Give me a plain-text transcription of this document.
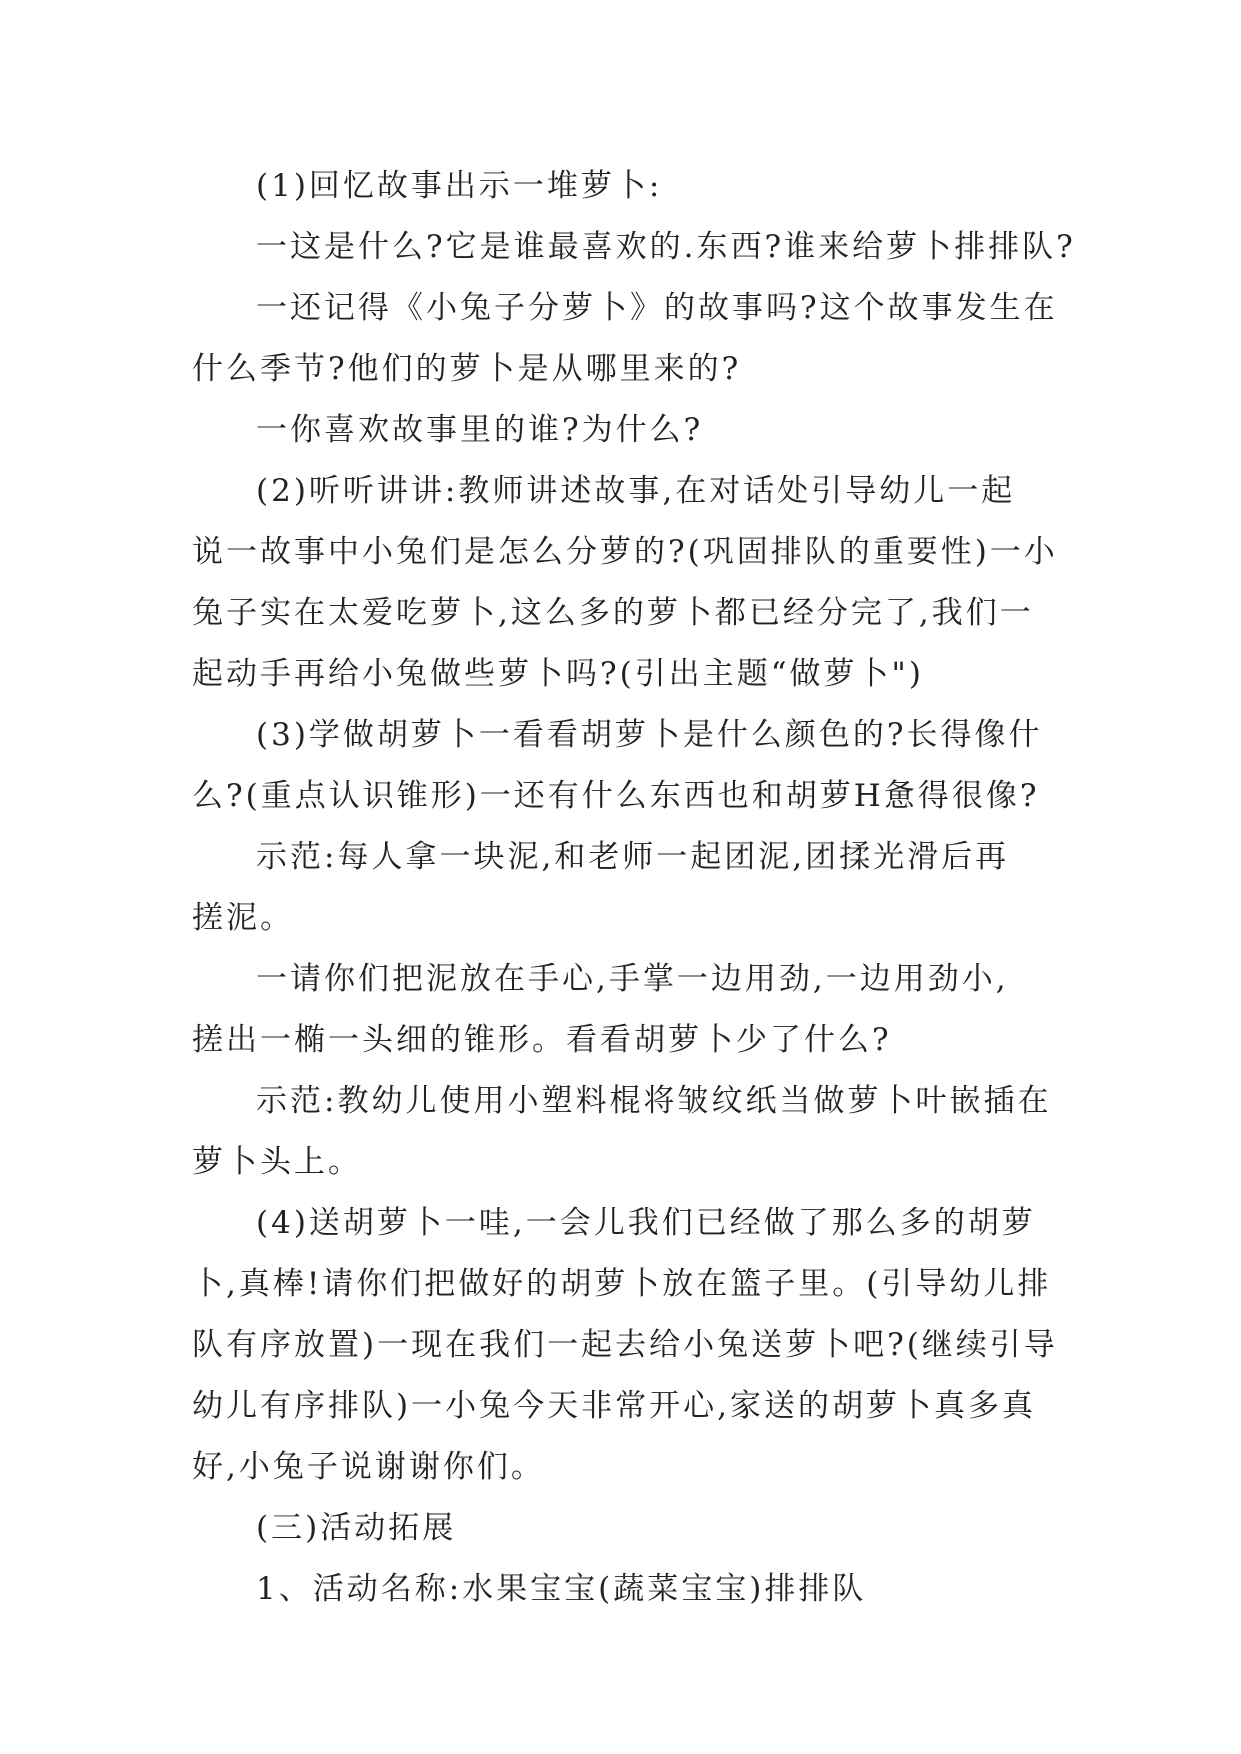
(1)回忆故事出示一堆萝卜:
一这是什么?它是谁最喜欢的.东西?谁来给萝卜排排队?
一还记得《小兔子分萝卜》的故事吗?这个故事发生在
什么季节?他们的萝卜是从哪里来的?
一你喜欢故事里的谁?为什么?
(2)听听讲讲:教师讲述故事,在对话处引导幼儿一起
说一故事中小兔们是怎么分萝的?(巩固排队的重要性)一小
兔子实在太爱吃萝卜,这么多的萝卜都已经分完了,我们一
起动手再给小兔做些萝卜吗?(引出主题“做萝卜")
(3)学做胡萝卜一看看胡萝卜是什么颜色的?长得像什
么?(重点认识锥形)一还有什么东西也和胡萝H惫得很像?
示范:每人拿一块泥,和老师一起团泥,团揉光滑后再
搓泥。
一请你们把泥放在手心,手掌一边用劲,一边用劲小,
搓出一椭一头细的锥形。看看胡萝卜少了什么?
示范:教幼儿使用小塑料棍将皱纹纸当做萝卜叶嵌插在
萝卜头上。
(4)送胡萝卜一哇,一会儿我们已经做了那么多的胡萝
卜,真棒!请你们把做好的胡萝卜放在篮子里。(引导幼儿排
队有序放置)一现在我们一起去给小兔送萝卜吧?(继续引导
幼儿有序排队)一小兔今天非常开心,家送的胡萝卜真多真
好,小兔子说谢谢你们。
(三)活动拓展
1、活动名称:水果宝宝(蔬菜宝宝)排排队
